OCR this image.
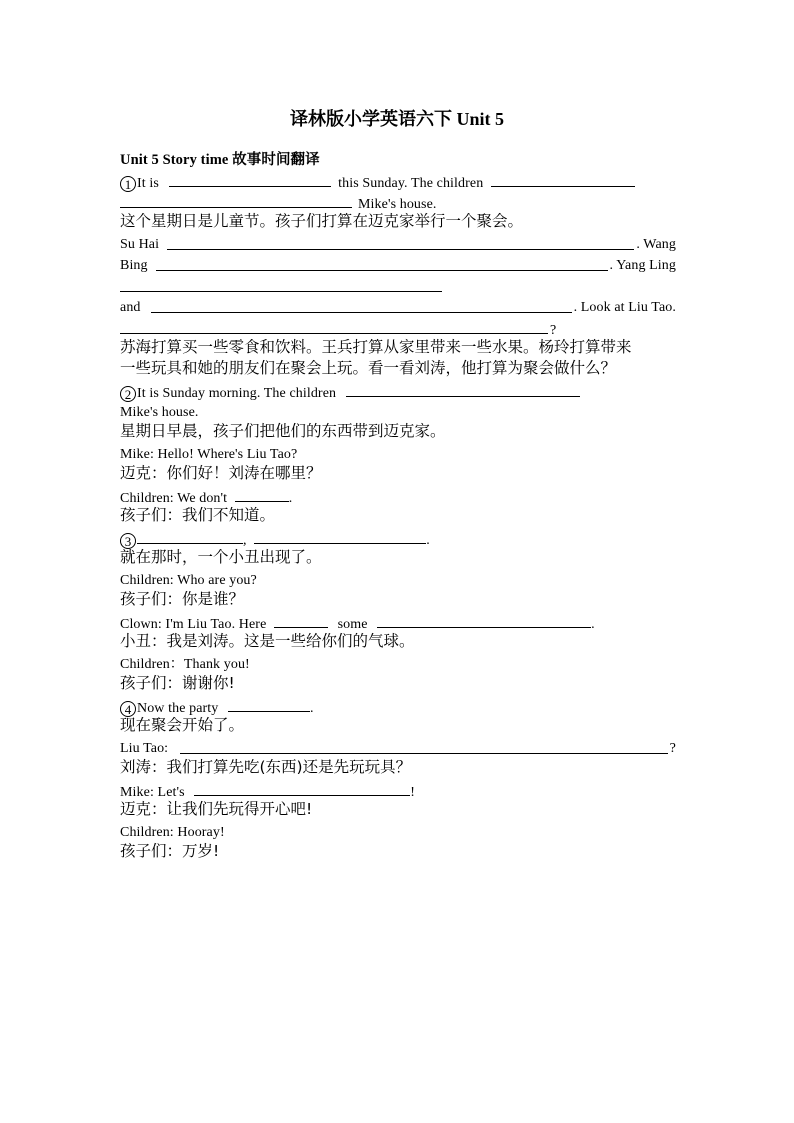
译林版小学英语六下 Unit 5
Unit 5 Story time 故事时间翻译
1 It is	this Sunday. The children
Mike's house.
这个星期日是儿童节。孩子们打算在迈克家举行一个聚会。
Su Hai	. Wang
Bing	. Yang Ling
and	. Look at Liu Tao.
?
苏海打算买一些零食和饮料。王兵打算从家里带来一些水果。杨玲打算带来
一些玩具和她的朋友们在聚会上玩。看一看刘涛，他打算为聚会做什么？
2 It is Sunday morning. The children
Mike's house.
星期日早晨，孩子们把他们的东西带到迈克家。
Mike: Hello! Where's Liu Tao?
迈克：你们好！刘涛在哪里？
Children: We don't	.
孩子们：我们不知道。
3	,	.
就在那时，一个小丑出现了。
Children: Who are you?
孩子们：你是谁？
Clown: I'm Liu Tao. Here	some	.
小丑：我是刘涛。这是一些给你们的气球。
Children：Thank you!
孩子们：谢谢你!
4 Now the party	.
现在聚会开始了。
Liu Tao:	?
刘涛：我们打算先吃(东西)还是先玩玩具？
Mike: Let's	!
迈克：让我们先玩得开心吧!
Children: Hooray!
孩子们：万岁!
